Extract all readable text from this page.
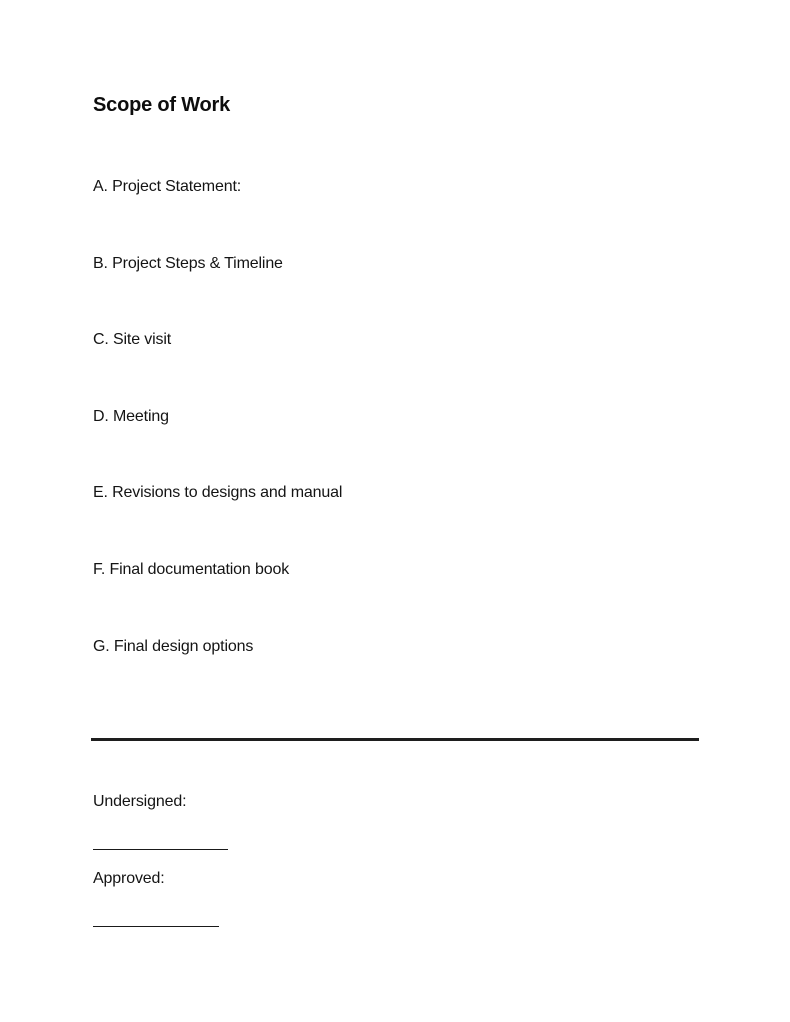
Scope of Work
A. Project Statement:
B. Project Steps & Timeline
C. Site visit
D. Meeting
E. Revisions to designs and manual
F. Final documentation book
G. Final design options
Undersigned:
Approved:
